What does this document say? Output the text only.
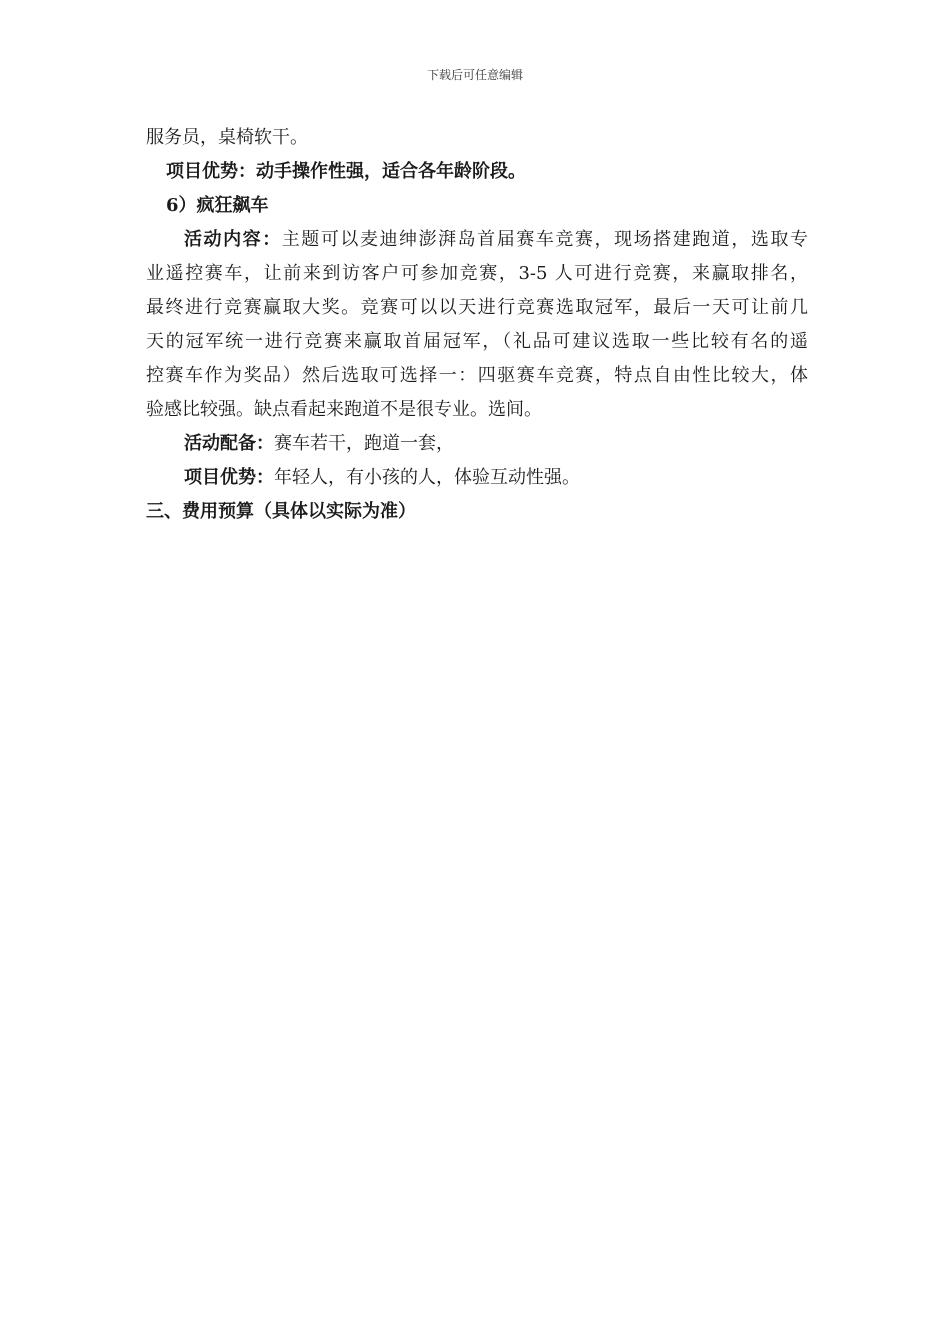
下载后可任意编辑
服务员，桌椅软干。
项目优势：动手操作性强，适合各年龄阶段。
6）疯狂飙车
活动内容：主题可以麦迪绅澎湃岛首届赛车竞赛，现场搭建跑道，选取专
业遥控赛车，让前来到访客户可参加竞赛，3-5 人可进行竞赛，来赢取排名，
最终进行竞赛赢取大奖。竞赛可以以天进行竞赛选取冠军，最后一天可让前几
天的冠军统一进行竞赛来赢取首届冠军，（礼品可建议选取一些比较有名的遥
控赛车作为奖品）然后选取可选择一：四驱赛车竞赛，特点自由性比较大，体
验感比较强。缺点看起来跑道不是很专业。选间。
活动配备：赛车若干，跑道一套，
项目优势：年轻人，有小孩的人，体验互动性强。
三、费用预算（具体以实际为准）
